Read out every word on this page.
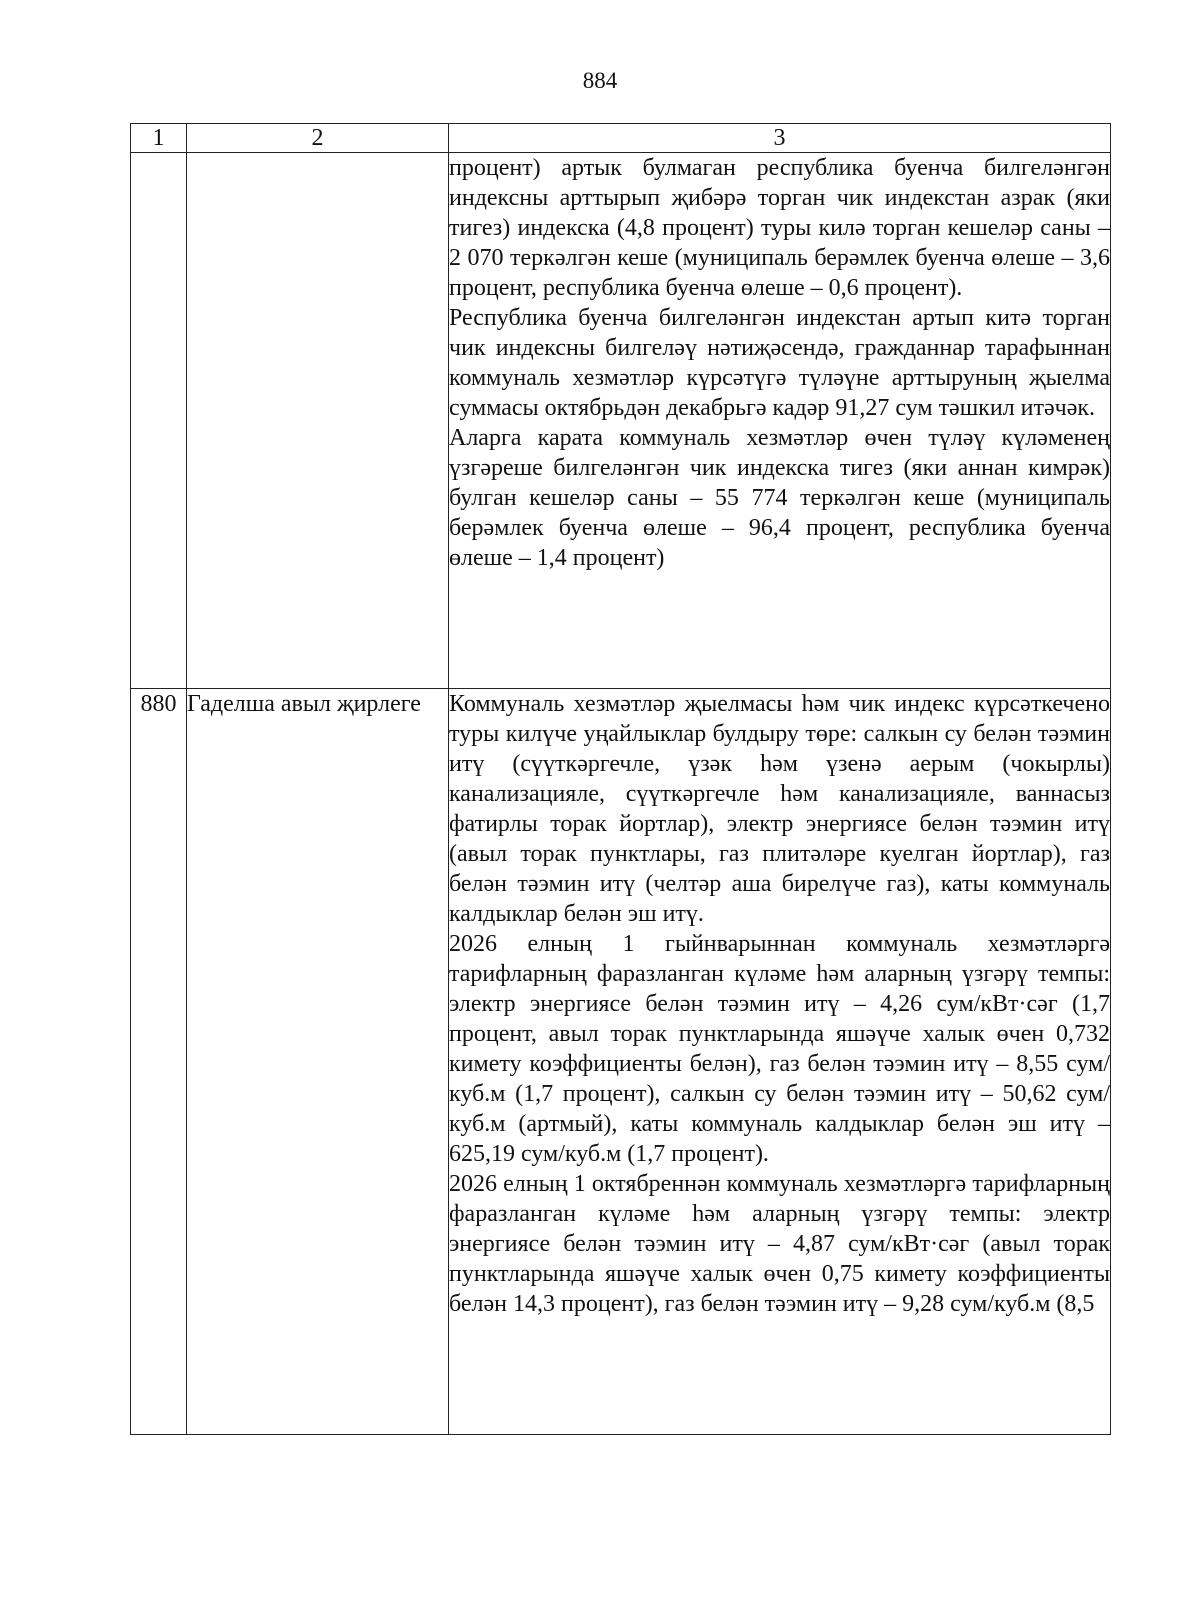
884
1	2	3

		процент) артык булмаган республика буенча билгеләнгән индексны арттырып җибәрә торган чик индекстан азрак (яки тигез) индекска (4,8 процент) туры килә торган кешеләр саны – 2 070 теркәлгән кеше (муниципаль берәмлек буенча өлеше – 3,6 процент, республика буенча өлеше – 0,6 процент).

Республика буенча билгеләнгән индекстан артып китә торган чик индексны билгеләү нәтиҗәсендә, гражданнар тарафыннан коммуналь хезмәтләр күрсәтүгә түләүне арттыруның җыелма суммасы октябрьдән декабрьгә кадәр 91,27 сум тәшкил итәчәк.

Аларга карата коммуналь хезмәтләр өчен түләү күләменең үзгәреше билгеләнгән чик индекска тигез (яки аннан кимрәк) булган кешеләр саны – 55 774 теркәлгән кеше (муниципаль берәмлек буенча өлеше – 96,4 процент, республика буенча өлеше – 1,4 процент)

880	Гаделша авыл җирлеге	Коммуналь хезмәтләр җыелмасы һәм чик индекс күрсәткечено туры килүче уңайлыклар булдыру төре: салкын су белән тәэмин итү (сүүткәргечле, үзәк һәм үзенә аерым (чокырлы) канализацияле, сүүткәргечле һәм канализацияле, ваннасыз фатирлы торак йортлар), электр энергиясе белән тәэмин итү (авыл торак пунктлары, газ плитәләре куелган йортлар), газ белән тәэмин итү (челтәр аша бирелүче газ), каты коммуналь калдыклар белән эш итү.

2026 елның 1 гыйнварыннан коммуналь хезмәтләргә тарифларның фаразланган күләме һәм аларның үзгәрү темпы: электр энергиясе белән тәэмин итү – 4,26 сум/кВт·сәг (1,7 процент, авыл торак пунктларында яшәүче халык өчен 0,732 кимету коэффициенты белән), газ белән тәэмин итү – 8,55 сум/куб.м (1,7 процент), салкын су белән тәэмин итү – 50,62 сум/куб.м (артмый), каты коммуналь калдыклар белән эш итү – 625,19 сум/куб.м (1,7 процент).

2026 елның 1 октябреннән коммуналь хезмәтләргә тарифларның фаразланган күләме һәм аларның үзгәрү темпы: электр энергиясе белән тәэмин итү – 4,87 сум/кВт·сәг (авыл торак пунктларында яшәүче халык өчен 0,75 кимету коэффициенты белән 14,3 процент), газ белән тәэмин итү – 9,28 сум/куб.м (8,5
